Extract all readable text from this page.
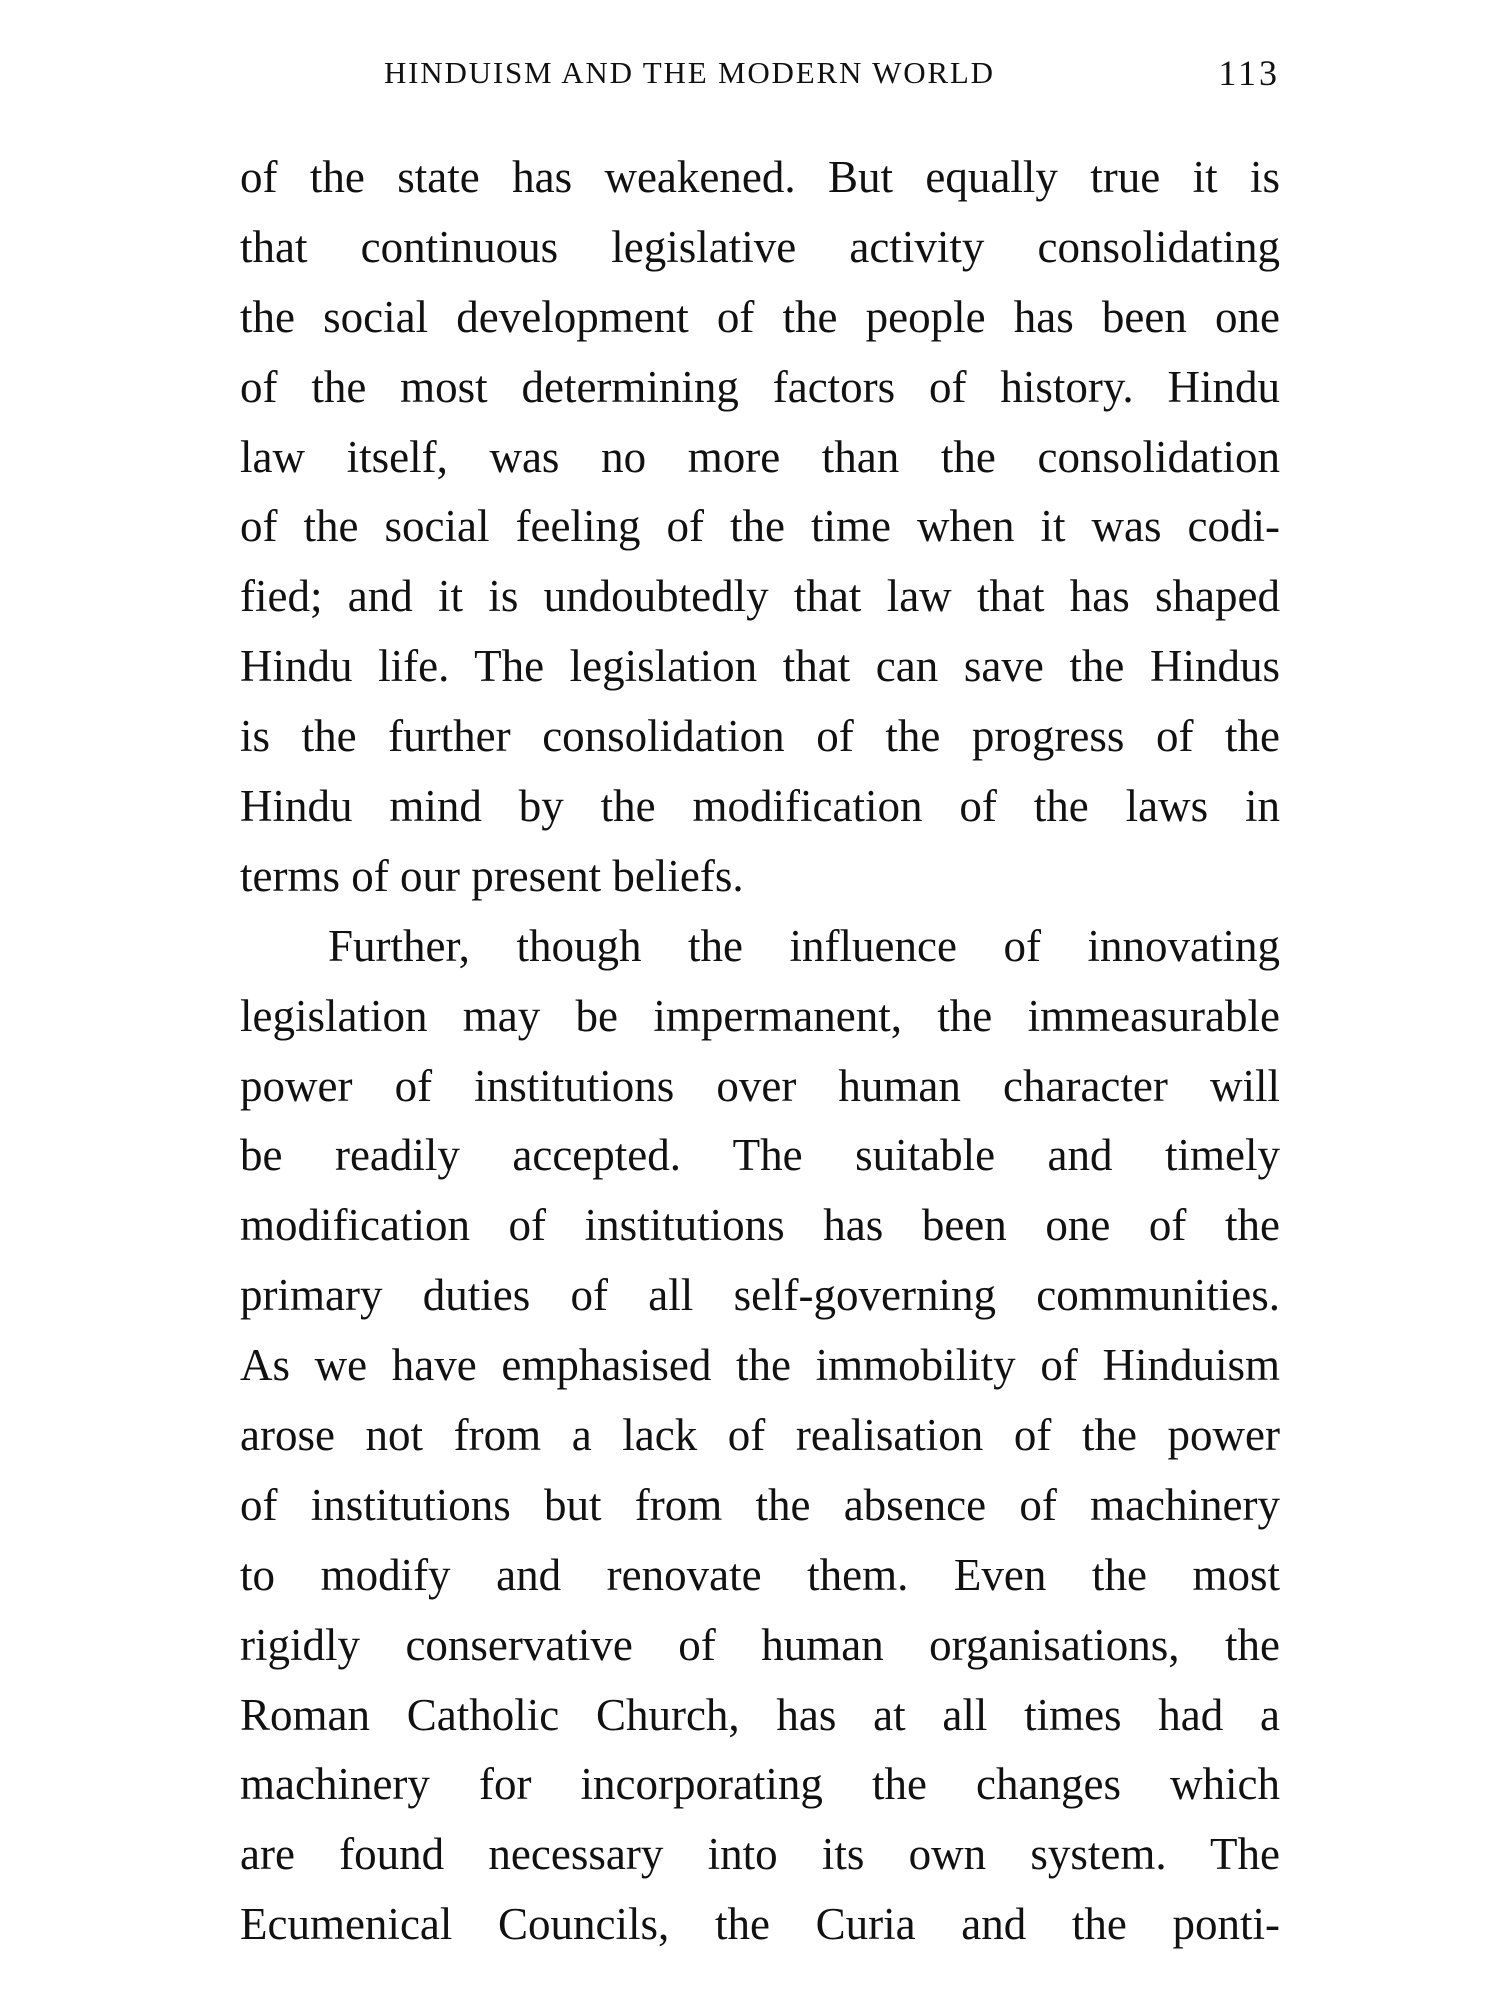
HINDUISM AND THE MODERN WORLD	113
of the state has weakened. But equally true it is
that continuous legislative activity consolidating
the social development of the people has been one
of the most determining factors of history. Hindu
law itself, was no more than the consolidation
of the social feeling of the time when it was codi-
fied; and it is undoubtedly that law that has shaped
Hindu life. The legislation that can save the Hindus
is the further consolidation of the progress of the
Hindu mind by the modification of the laws in
terms of our present beliefs.
Further, though the influence of innovating
legislation may be impermanent, the immeasurable
power of institutions over human character will
be readily accepted. The suitable and timely
modification of institutions has been one of the
primary duties of all self-governing communities.
As we have emphasised the immobility of Hinduism
arose not from a lack of realisation of the power
of institutions but from the absence of machinery
to modify and renovate them. Even the most
rigidly conservative of human organisations, the
Roman Catholic Church, has at all times had a
machinery for incorporating the changes which
are found necessary into its own system. The
Ecumenical Councils, the Curia and the ponti-
